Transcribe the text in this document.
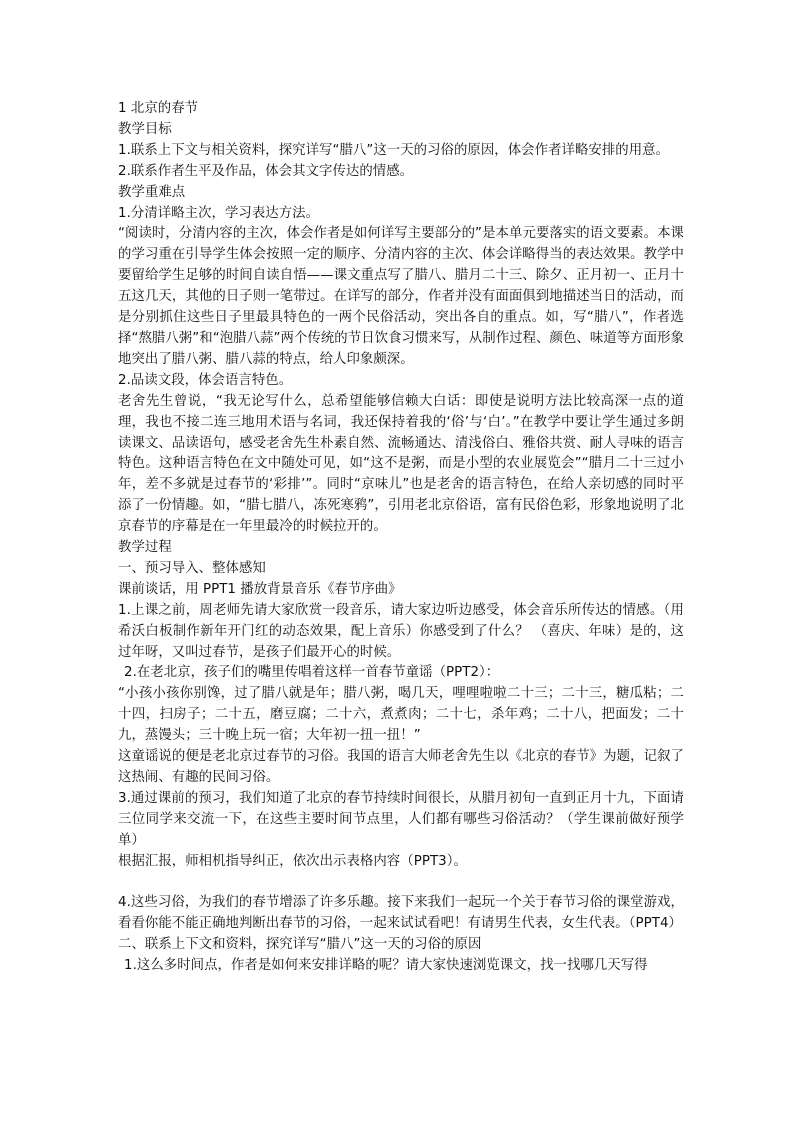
1 北京的春节

教学目标

1.联系上下文与相关资料，探究详写“腊八”这一天的习俗的原因，体会作者详略安排的用意。

2.联系作者生平及作品，体会其文字传达的情感。

教学重难点

1.分清详略主次，学习表达方法。

“阅读时，分清内容的主次，体会作者是如何详写主要部分的”是本单元要落实的语文要素。本课的学习重在引导学生体会按照一定的顺序、分清内容的主次、体会详略得当的表达效果。教学中要留给学生足够的时间自读自悟——课文重点写了腊八、腊月二十三、除夕、正月初一、正月十五这几天，其他的日子则一笔带过。在详写的部分，作者并没有面面俱到地描述当日的活动，而是分别抓住这些日子里最具特色的一两个民俗活动，突出各自的重点。如，写“腊八”，作者选择“熬腊八粥”和“泡腊八蒜”两个传统的节日饮食习惯来写，从制作过程、颜色、味道等方面形象地突出了腊八粥、腊八蒜的特点，给人印象颇深。

2.品读文段，体会语言特色。

老舍先生曾说，“我无论写什么，总希望能够信赖大白话：即使是说明方法比较高深一点的道理，我也不接二连三地用术语与名词，我还保持着我的‘俗’与‘白’。”在教学中要让学生通过多朗读课文、品读语句，感受老舍先生朴素自然、流畅通达、清浅俗白、雅俗共赏、耐人寻味的语言特色。这种语言特色在文中随处可见，如“这不是粥，而是小型的农业展览会”“腊月二十三过小年，差不多就是过春节的‘彩排’”。同时“京味儿”也是老舍的语言特色，在给人亲切感的同时平添了一份情趣。如，“腊七腊八，冻死寒鸦”，引用老北京俗语，富有民俗色彩，形象地说明了北京春节的序幕是在一年里最冷的时候拉开的。

教学过程

一、预习导入、整体感知

课前谈话，用 PPT1 播放背景音乐《春节序曲》

1.上课之前，周老师先请大家欣赏一段音乐，请大家边听边感受，体会音乐所传达的情感。（用希沃白板制作新年开门红的动态效果，配上音乐）你感受到了什么？ （喜庆、年味）是的，这过年呀，又叫过春节，是孩子们最开心的时候。

2.在老北京，孩子们的嘴里传唱着这样一首春节童谣（PPT2）：

“小孩小孩你别馋，过了腊八就是年；腊八粥，喝几天，哩哩啦啦二十三；二十三，糖瓜粘；二十四，扫房子；二十五，磨豆腐；二十六，煮煮肉；二十七，杀年鸡；二十八，把面发；二十九，蒸馒头；三十晚上玩一宿；大年初一扭一扭！”

这童谣说的便是老北京过春节的习俗。我国的语言大师老舍先生以《北京的春节》为题，记叙了这热闹、有趣的民间习俗。

3.通过课前的预习，我们知道了北京的春节持续时间很长，从腊月初旬一直到正月十九，下面请三位同学来交流一下，在这些主要时间节点里，人们都有哪些习俗活动？（学生课前做好预学单）

根据汇报，师相机指导纠正，依次出示表格内容（PPT3）。

4.这些习俗，为我们的春节增添了许多乐趣。接下来我们一起玩一个关于春节习俗的课堂游戏，看看你能不能正确地判断出春节的习俗，一起来试试看吧！有请男生代表，女生代表。（PPT4）

二、联系上下文和资料，探究详写“腊八”这一天的习俗的原因

1.这么多时间点，作者是如何来安排详略的呢？请大家快速浏览课文，找一找哪几天写得
